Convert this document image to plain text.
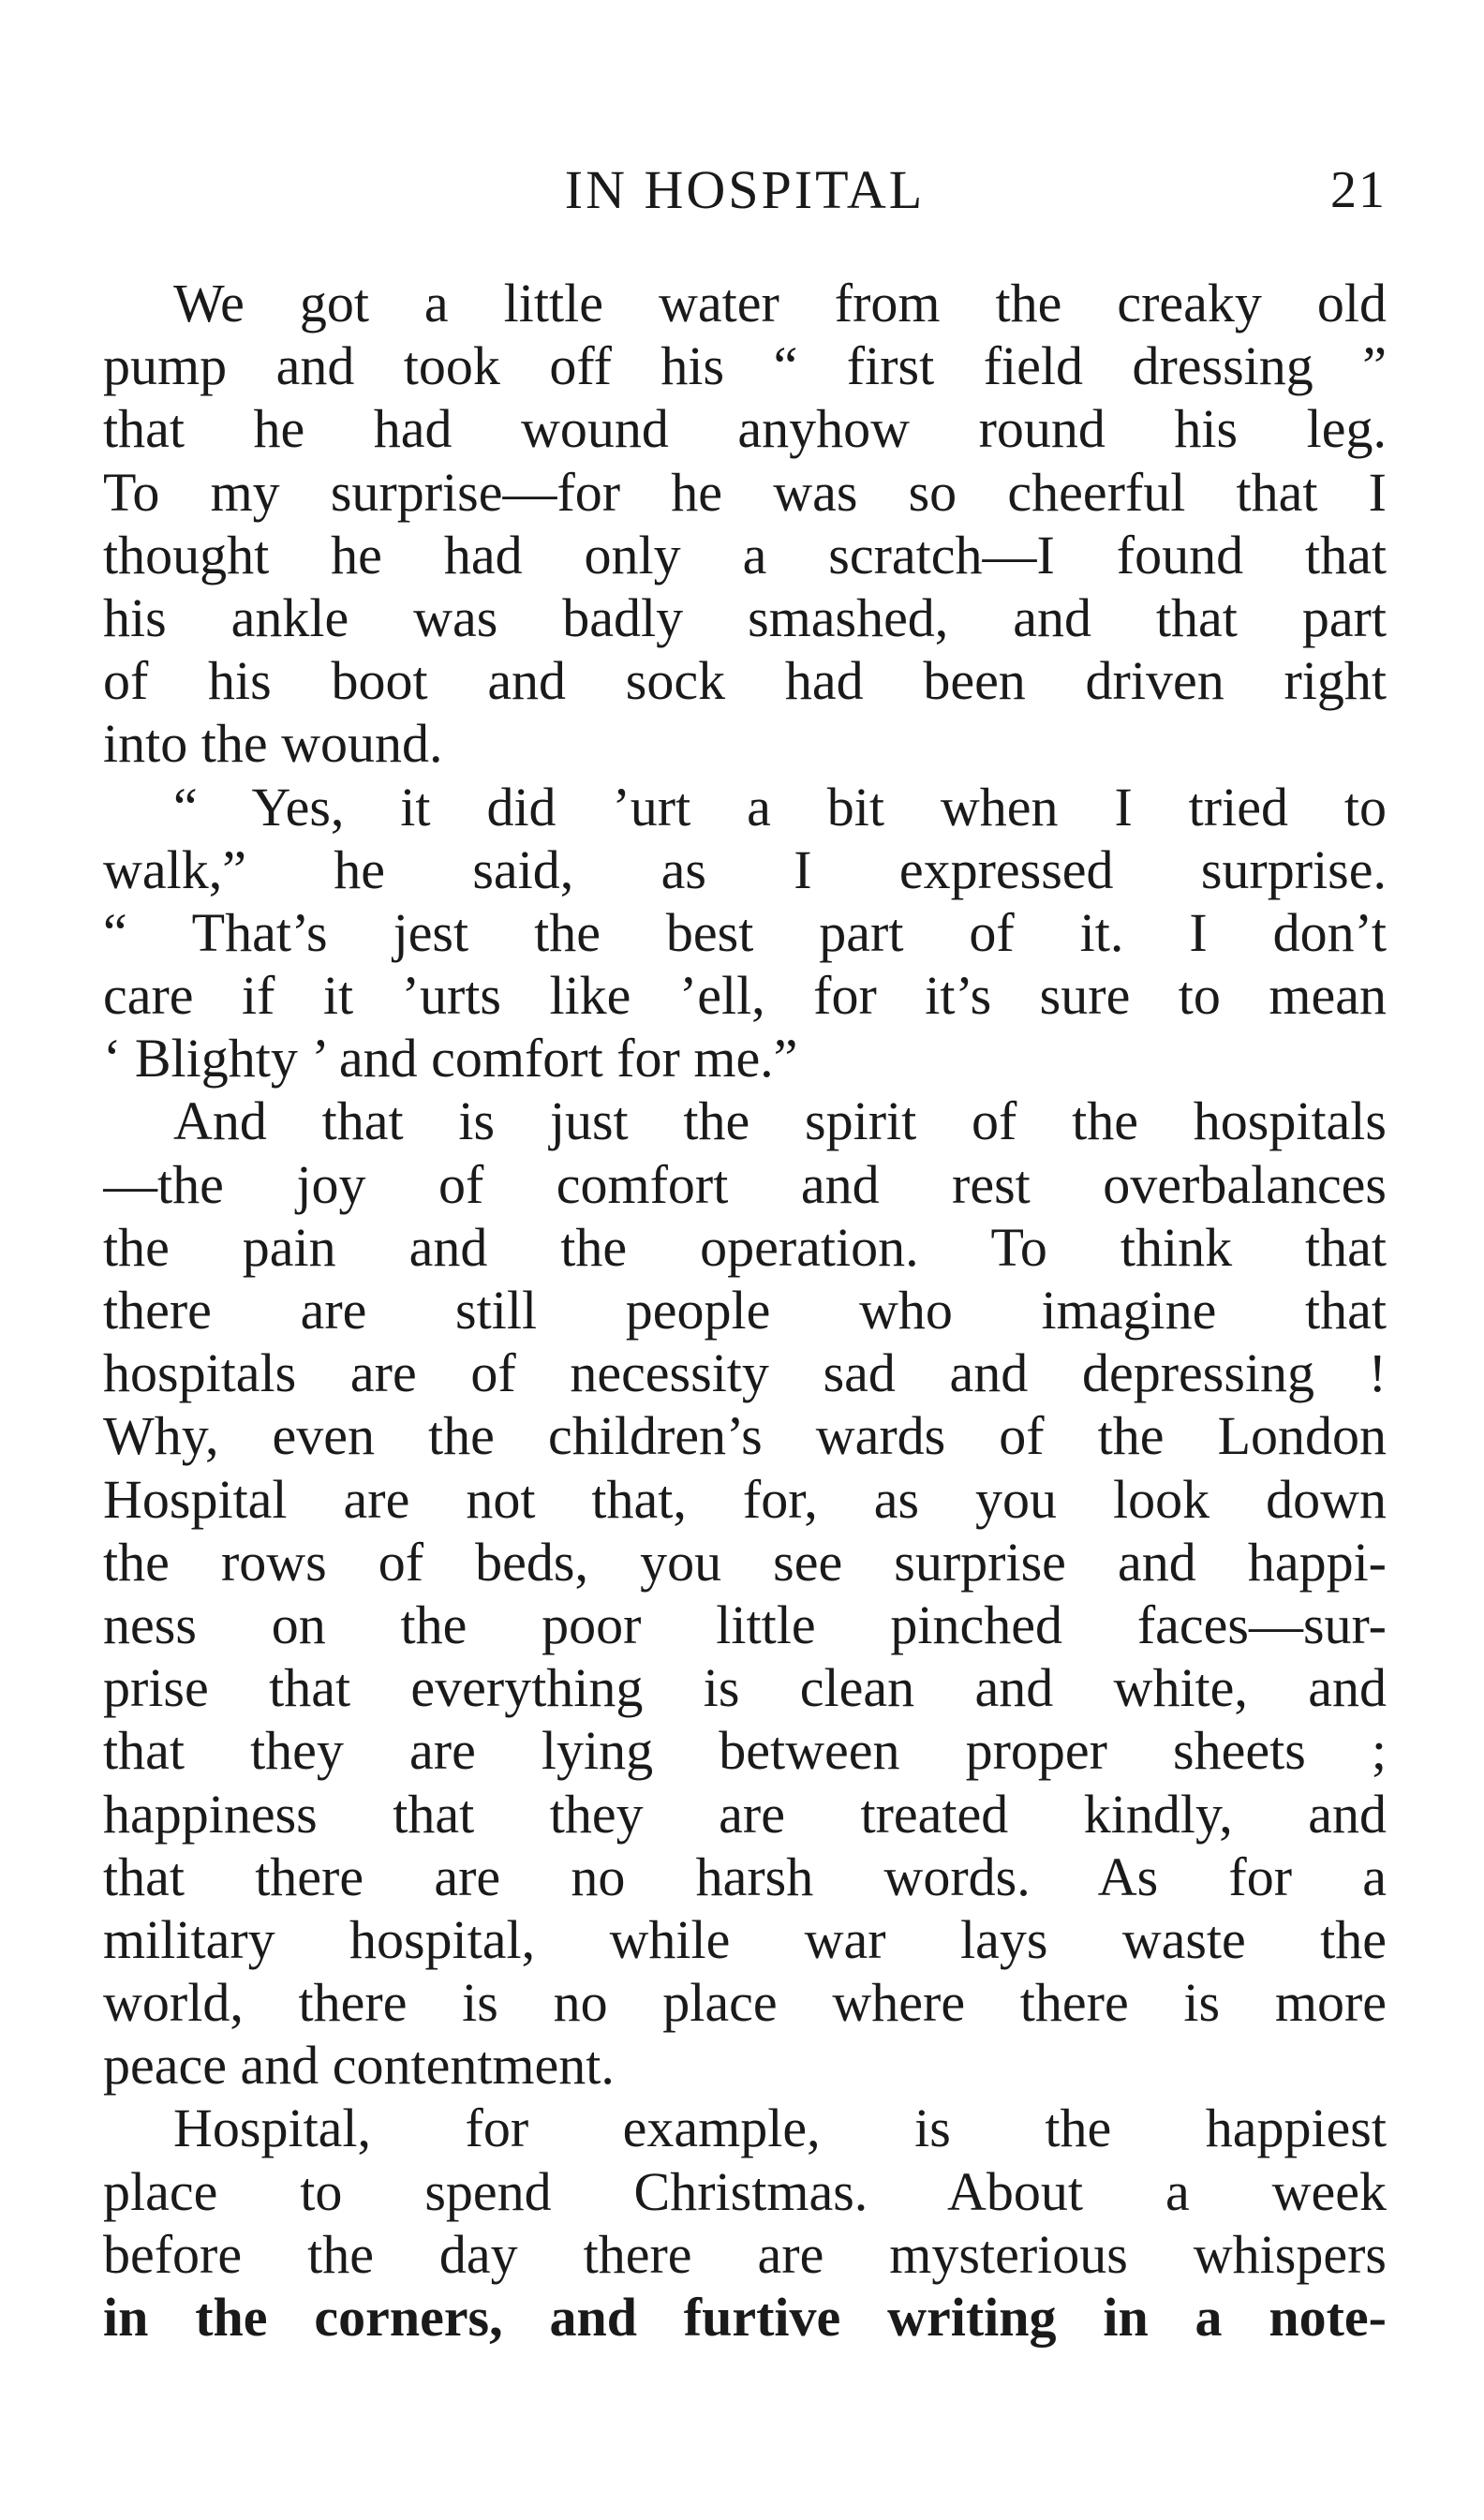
IN HOSPITAL	21
We got a little water from the creaky old
pump and took off his “ first field dressing ”
that he had wound anyhow round his leg.
To my surprise—for he was so cheerful that I
thought he had only a scratch—I found that
his ankle was badly smashed, and that part
of his boot and sock had been driven right
into the wound.
“ Yes, it did ’urt a bit when I tried to
walk,” he said, as I expressed surprise.
“ That’s jest the best part of it. I don’t
care if it ’urts like ’ell, for it’s sure to mean
‘ Blighty ’ and comfort for me.”
And that is just the spirit of the hospitals
—the joy of comfort and rest overbalances
the pain and the operation. To think that
there are still people who imagine that
hospitals are of necessity sad and depressing !
Why, even the children’s wards of the London
Hospital are not that, for, as you look down
the rows of beds, you see surprise and happi-
ness on the poor little pinched faces—sur-
prise that everything is clean and white, and
that they are lying between proper sheets ;
happiness that they are treated kindly, and
that there are no harsh words. As for a
military hospital, while war lays waste the
world, there is no place where there is more
peace and contentment.
Hospital, for example, is the happiest
place to spend Christmas. About a week
before the day there are mysterious whispers
in the corners, and furtive writing in a note-
